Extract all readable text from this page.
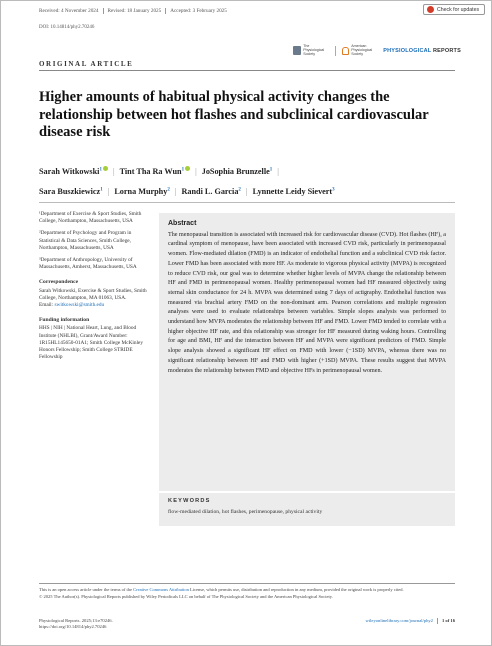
Received: 4 November 2024 Revised: 18 January 2025 Accepted: 3 February 2025	Check for updates
DOI: 10.14814/phy2.70246
The Physiological Society
American Physiological Society	PHYSIOLOGICAL REPORTS
ORIGINAL ARTICLE
Higher amounts of habitual physical activity changes the relationship between hot flashes and subclinical cardiovascular disease risk
Sarah Witkowski$^1$ | Tint Tha Ra Wun$^1$ | JoSophia Brunzelle$^1$ |
Sara Buszkiewicz$^1$ | Lorna Murphy$^2$ | Randi L. Garcia$^2$ | Lynnette Leidy Sievert$^3$

¹Department of Exercise & Sport Studies, Smith College, Northampton, Massachusetts, USA

²Department of Psychology and Program in Statistical & Data Sciences, Smith College, Northampton, Massachusetts, USA

³Department of Anthropology, University of Massachusetts, Amherst, Massachusetts, USA

Correspondence

Sarah Witkowski, Exercise & Sport Studies, Smith College, Northampton, MA 01063, USA.

Email: switkowski@smith.edu

Funding information

HHS | NIH | National Heart, Lung, and Blood Institute (NHLBI), Grant/Award Number: 1R15HL145650-01A1; Smith College McKinley Honors Fellowship; Smith College STRIDE Fellowship

Abstract
The menopausal transition is associated with increased risk for cardiovascular disease (CVD). Hot flashes (HF), a cardinal symptom of menopause, have been associated with increased CVD risk, particularly in perimenopausal women. Flow-mediated dilation (FMD) is an indicator of endothelial function and a subclinical CVD risk factor. Lower FMD has been associated with more HF. As moderate to vigorous physical activity (MVPA) is recognized to reduce CVD risk, our goal was to determine whether higher levels of MVPA change the relationship between HF and FMD in perimenopausal women. Healthy perimenopausal women had HF measured objectively using sternal skin conductance for 24 h. MVPA was determined using 7 days of actigraphy. Endothelial function was measured via brachial artery FMD on the non-dominant arm. Pearson correlations and multiple regression analyses were used to evaluate relationships between variables. Simple slopes analysis was performed to understand how MVPA moderates the relationship between HF and FMD. Lower FMD tended to correlate with a higher objective HF rate, and this relationship was stronger for HF measured during waking hours. Controlling for age and BMI, HF and the interaction between HF and MVPA were significant predictors of FMD. Simple slope analysis showed a significant HF effect on FMD with lower (−1SD) MVPA, whereas there was no significant relationship between HF and FMD with higher (+1SD) MVPA. These results suggest that MVPA moderates the relationship between FMD and objective HFs in perimenopausal women.
KEYWORDS
flow-mediated dilation, hot flashes, perimenopause, physical activity
This is an open access article under the terms of the Creative Commons Attribution License, which permits use, distribution and reproduction in any medium, provided the original work is properly cited.
© 2025 The Author(s). Physiological Reports published by Wiley Periodicals LLC on behalf of The Physiological Society and the American Physiological Society.
Physiological Reports. 2025;13:e70246.
https://doi.org/10.14814/phy2.70246
wileyonlinelibrary.com/journal/phy2 1 of 16
